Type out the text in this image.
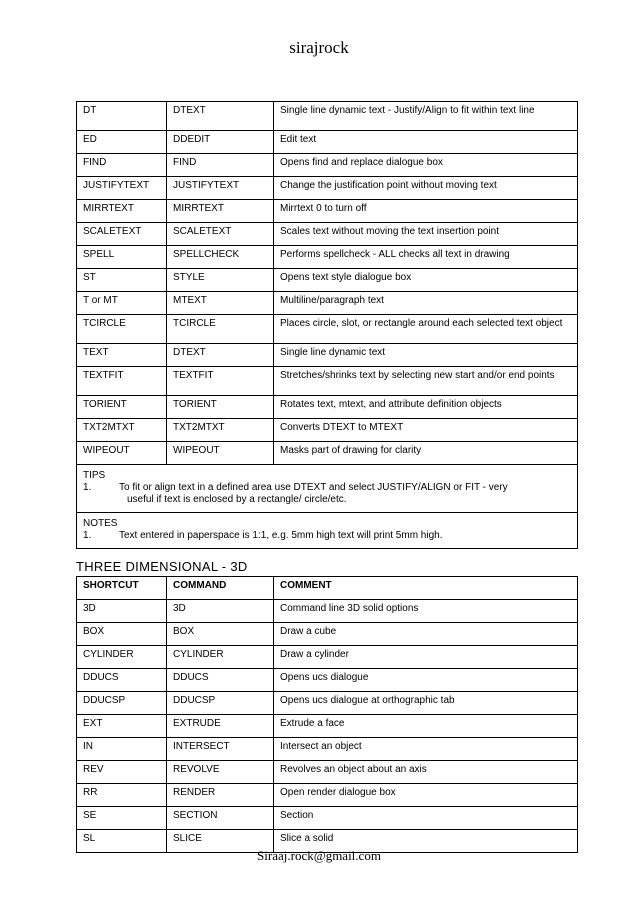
sirajrock
DT	DTEXT	Single line dynamic text - Justify/Align to fit within text line
ED	DDEDIT	Edit text
FIND	FIND	Opens find and replace dialogue box
JUSTIFYTEXT	JUSTIFYTEXT	Change the justification point without moving text
MIRRTEXT	MIRRTEXT	Mirrtext 0 to turn off
SCALETEXT	SCALETEXT	Scales text without moving the text insertion point
SPELL	SPELLCHECK	Performs spellcheck - ALL checks all text in drawing
ST	STYLE	Opens text style dialogue box
T or MT	MTEXT	Multiline/paragraph text
TCIRCLE	TCIRCLE	Places circle, slot, or rectangle around each selected text object
TEXT	DTEXT	Single line dynamic text
TEXTFIT	TEXTFIT	Stretches/shrinks text by selecting new start and/or end points
TORIENT	TORIENT	Rotates text, mtext, and attribute definition objects
TXT2MTXT	TXT2MTXT	Converts DTEXT to MTEXT
WIPEOUT	WIPEOUT	Masks part of drawing for clarity

TIPS
1. To fit or align text in a defined area use DTEXT and select JUSTIFY/ALIGN or FIT - very
useful if text is enclosed by a rectangle/ circle/etc.		

NOTES
1. Text entered in paperspace is 1:1, e.g. 5mm high text will print 5mm high.		
THREE DIMENSIONAL - 3D
SHORTCUT	COMMAND	COMMENT
3D	3D	Command line 3D solid options
BOX	BOX	Draw a cube
CYLINDER	CYLINDER	Draw a cylinder
DDUCS	DDUCS	Opens ucs dialogue
DDUCSP	DDUCSP	Opens ucs dialogue at orthographic tab
EXT	EXTRUDE	Extrude a face
IN	INTERSECT	Intersect an object
REV	REVOLVE	Revolves an object about an axis
RR	RENDER	Open render dialogue box
SE	SECTION	Section
SL	SLICE	Slice a solid
Siraaj.rock@gmail.com
